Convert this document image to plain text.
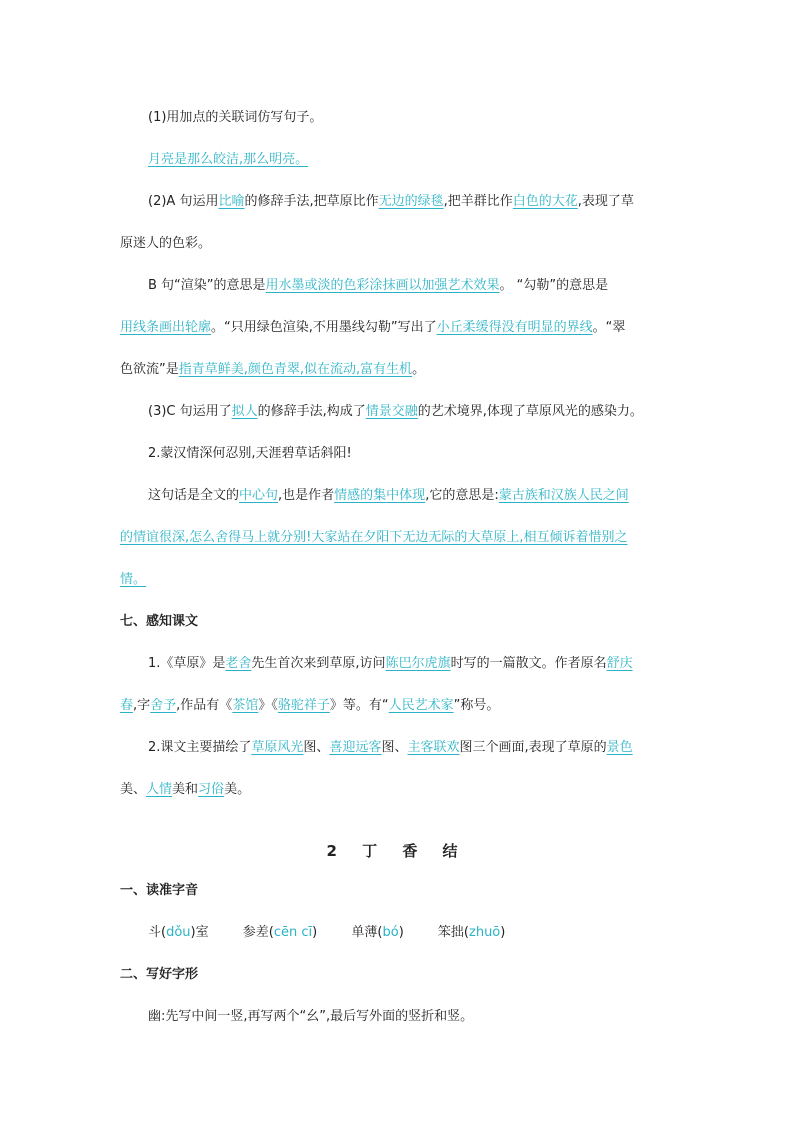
(1)用加点的关联词仿写句子。
月亮是那么皎洁,那么明亮。
(2)A 句运用比喻的修辞手法,把草原比作无边的绿毯,把羊群比作白色的大花,表现了草
原迷人的色彩。
B 句“渲染”的意思是用水墨或淡的色彩涂抹画以加强艺术效果。 “勾勒”的意思是
用线条画出轮廓。“只用绿色渲染,不用墨线勾勒”写出了小丘柔缓得没有明显的界线。“翠
色欲流”是指青草鲜美,颜色青翠,似在流动,富有生机。
(3)C 句运用了拟人的修辞手法,构成了情景交融的艺术境界,体现了草原风光的感染力。
2.蒙汉情深何忍别,天涯碧草话斜阳!
这句话是全文的中心句,也是作者情感的集中体现,它的意思是:蒙古族和汉族人民之间
的情谊很深,怎么舍得马上就分别!大家站在夕阳下无边无际的大草原上,相互倾诉着惜别之
情。
七、感知课文
1.《草原》是老舍先生首次来到草原,访问陈巴尔虎旗时写的一篇散文。作者原名舒庆
春,字舍予,作品有《茶馆》《骆驼祥子》等。有“人民艺术家”称号。
2.课文主要描绘了草原风光图、喜迎远客图、主客联欢图三个画面,表现了草原的景色
美、人情美和习俗美。
2 丁 香 结
一、读准字音
斗(dǒu)室	参差(cēn cī)	单薄(bó)	笨拙(zhuō)
二、写好字形
幽:先写中间一竖,再写两个“幺”,最后写外面的竖折和竖。
